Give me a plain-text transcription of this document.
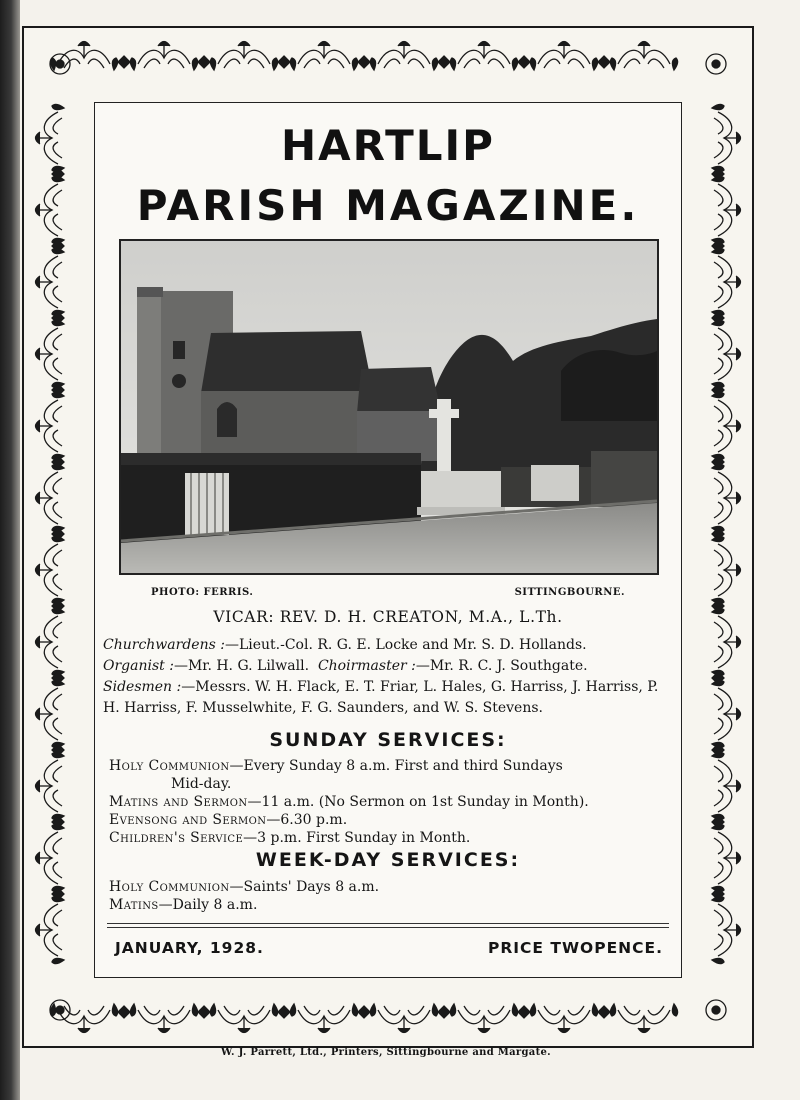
HARTLIP
PARISH MAGAZINE.
PHOTO: FERRIS.	SITTINGBOURNE.
VICAR: REV. D. H. CREATON, M.A., L.Th.

Churchwardens :—Lieut.-Col. R. G. E. Locke and Mr. S. D. Hollands.

Organist :—Mr. H. G. Lilwall. Choirmaster :—Mr. R. C. J. Southgate.

Sidesmen :—Messrs. W. H. Flack, E. T. Friar, L. Hales, G. Harriss, J. Harriss, P. H. Harriss, F. Musselwhite, F. G. Saunders, and W. S. Stevens.

SUNDAY SERVICES:

Holy Communion—Every Sunday 8 a.m. First and third Sundays

Mid-day.

Matins and Sermon—11 a.m. (No Sermon on 1st Sunday in Month).

Evensong and Sermon—6.30 p.m.

Children's Service—3 p.m. First Sunday in Month.

WEEK-DAY SERVICES:

Holy Communion—Saints' Days 8 a.m.

Matins—Daily 8 a.m.

JANUARY, 1928.	PRICE TWOPENCE.
W. J. Parrett, Ltd., Printers, Sittingbourne and Margate.
